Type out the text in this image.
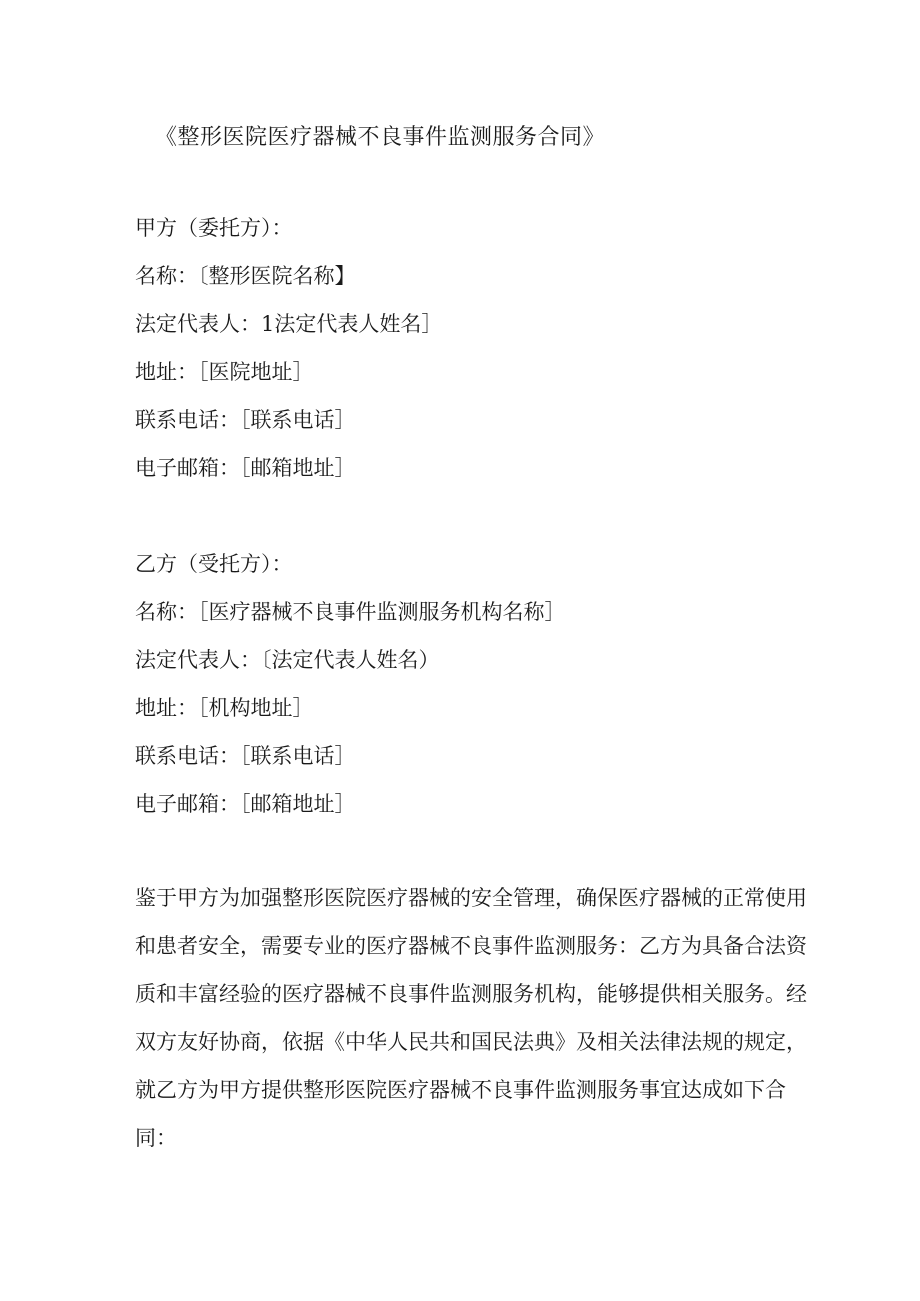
《整形医院医疗器械不良事件监测服务合同》
甲方（委托方）：
名称：〔整形医院名称】
法定代表人：1法定代表人姓名］
地址：［医院地址］
联系电话：［联系电话］
电子邮箱：［邮箱地址］
乙方（受托方）：
名称：［医疗器械不良事件监测服务机构名称］
法定代表人：〔法定代表人姓名）
地址：［机构地址］
联系电话：［联系电话］
电子邮箱：［邮箱地址］
鉴于甲方为加强整形医院医疗器械的安全管理，确保医疗器械的正常使用
和患者安全，需要专业的医疗器械不良事件监测服务：乙方为具备合法资
质和丰富经验的医疗器械不良事件监测服务机构，能够提供相关服务。经
双方友好协商，依据《中华人民共和国民法典》及相关法律法规的规定，
就乙方为甲方提供整形医院医疗器械不良事件监测服务事宜达成如下合
同：
